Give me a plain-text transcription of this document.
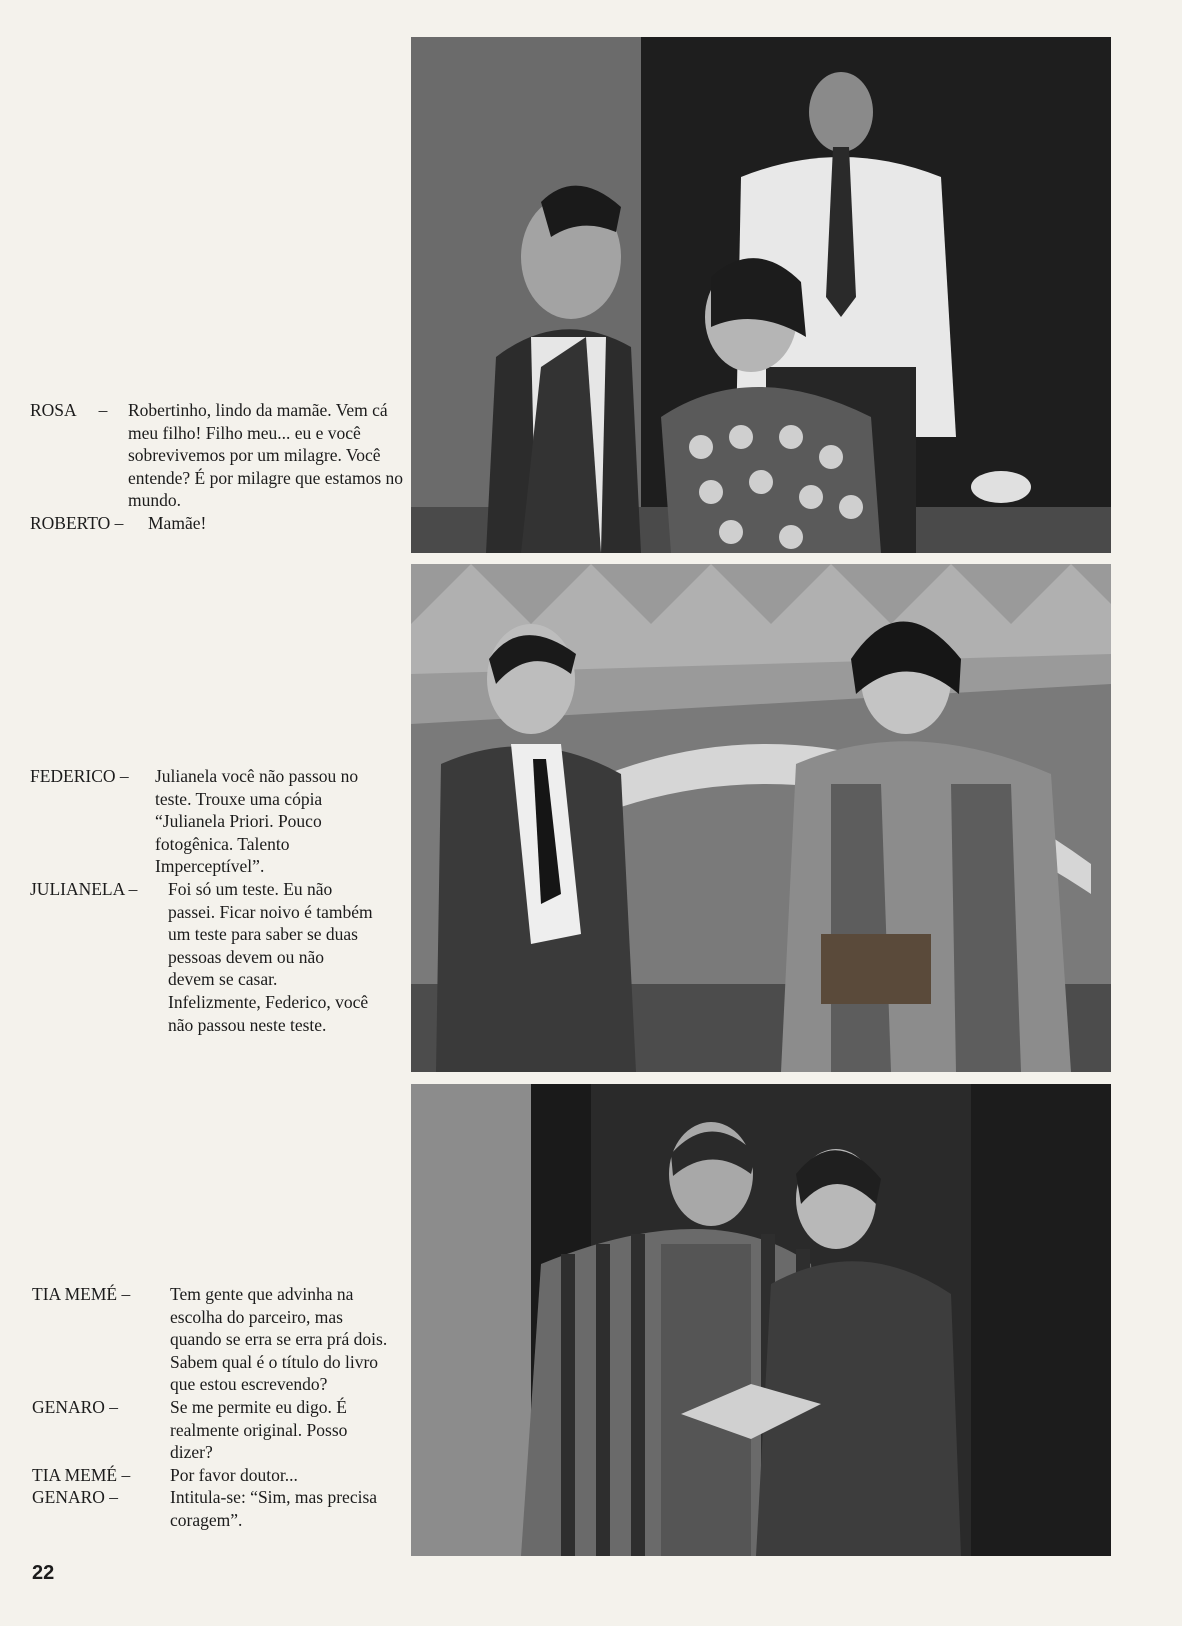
ROSA – Robertinho, lindo da mamãe. Vem cá meu filho! Filho meu... eu e você sobrevivemos por um milagre. Você entende? É por milagre que estamos no mundo.
ROBERTO – Mamãe!
FEDERICO – Julianela você não passou no teste. Trouxe uma cópia “Julianela Priori. Pouco fotogênica. Talento Imperceptível”.
JULIANELA – Foi só um teste. Eu não passei. Ficar noivo é também um teste para saber se duas pessoas devem ou não devem se casar. Infelizmente, Federico, você não passou neste teste.
TIA MEMÉ – Tem gente que advinha na escolha do parceiro, mas quando se erra se erra prá dois. Sabem qual é o título do livro que estou escrevendo?
GENARO –	Se me permite eu digo. É realmente original. Posso dizer?
TIA MEMÉ – Por favor doutor...
GENARO –	Intitula-se: “Sim, mas precisa coragem”.
22
